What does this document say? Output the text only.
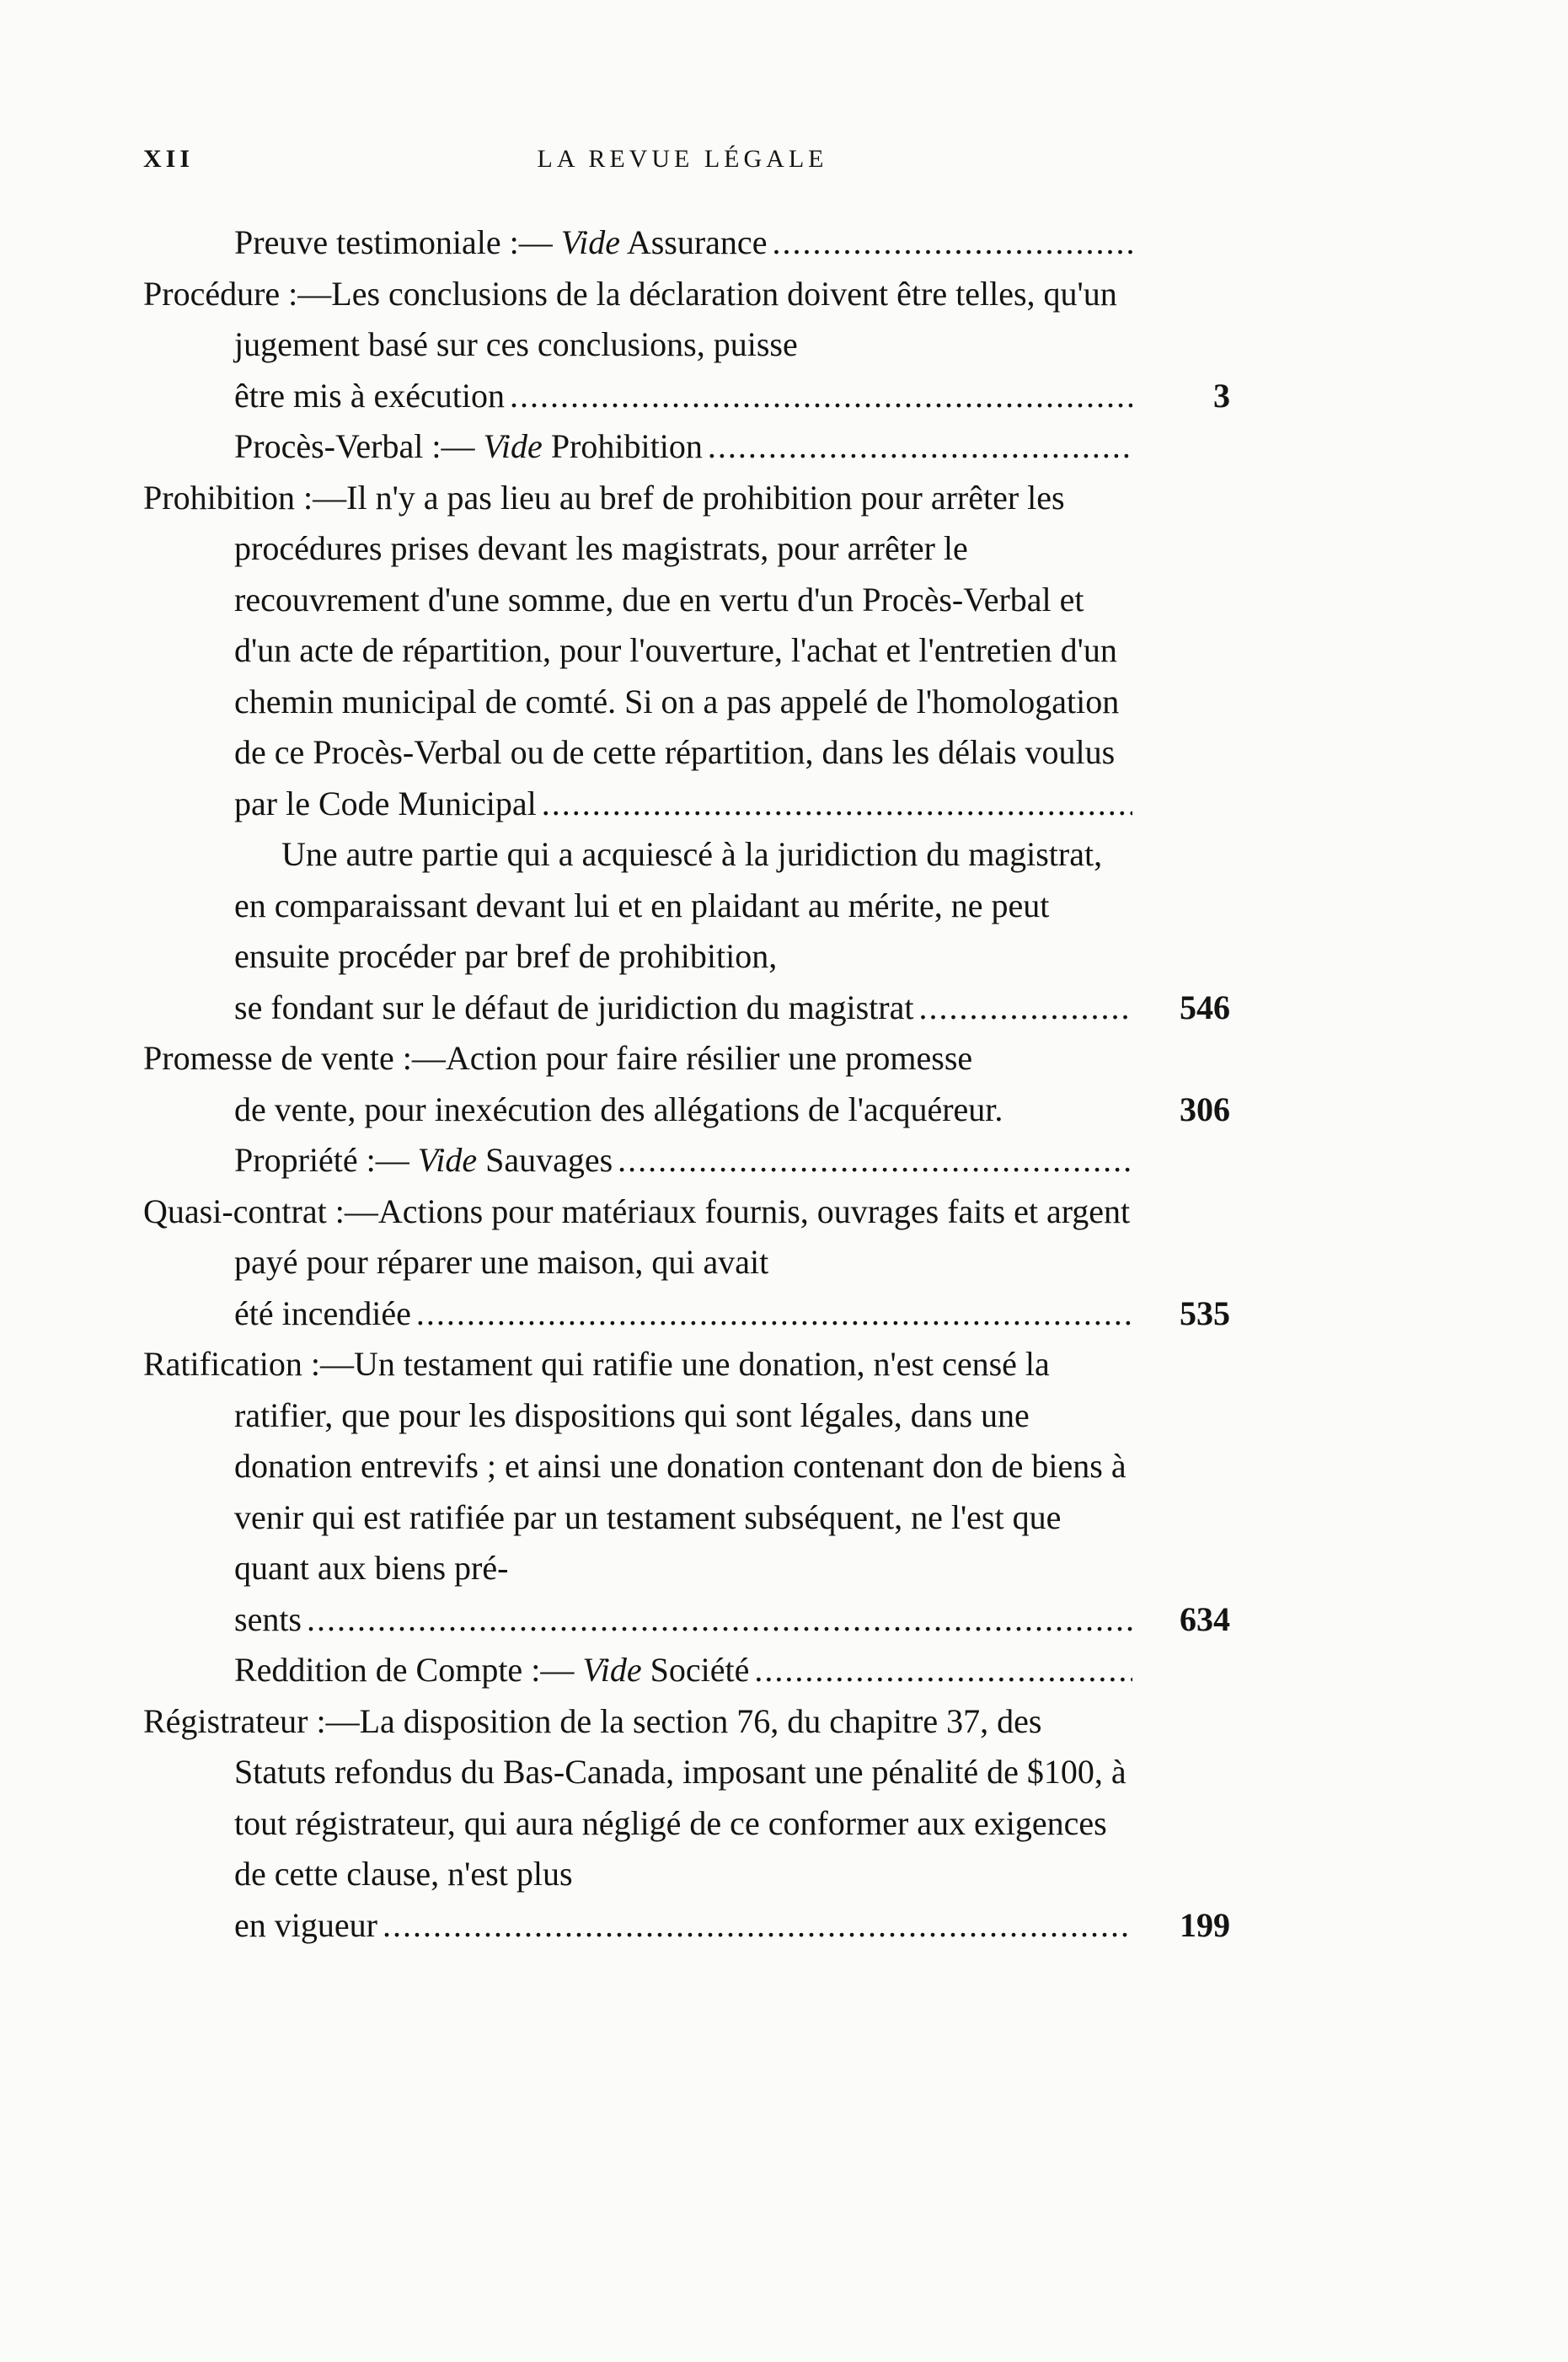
XII	LA REVUE LÉGALE
Preuve testimoniale :— Vide Assurance
. . .
Procédure :—Les conclusions de la déclaration doivent être telles, qu'un jugement basé sur ces conclusions, puisse
être mis à exécution . . .	3
Procès-Verbal :— Vide Prohibition
. . .
Prohibition :—Il n'y a pas lieu au bref de prohibition pour arrêter les procédures prises devant les magistrats, pour arrêter le recouvrement d'une somme, due en vertu d'un Procès-Verbal et d'un acte de répartition, pour l'ouverture, l'achat et l'entretien d'un chemin municipal de comté. Si on a pas appelé de l'homologation de ce Procès-Verbal ou de cette répartition, dans les délais voulus
par le Code Municipal
. . .
Une autre partie qui a acquiescé à la juridiction du magistrat, en comparaissant devant lui et en plaidant au mérite, ne peut ensuite procéder par bref de prohibition,
se fondant sur le défaut de juridiction du magistrat . . .	546
Promesse de vente :—Action pour faire résilier une promesse
de vente, pour inexécution des allégations de l'acquéreur.	306
Propriété :— Vide Sauvages
. . .
Quasi-contrat :—Actions pour matériaux fournis, ouvrages faits et argent payé pour réparer une maison, qui avait
été incendiée . . .	535
Ratification :—Un testament qui ratifie une donation, n'est censé la ratifier, que pour les dispositions qui sont légales, dans une donation entrevifs ; et ainsi une donation contenant don de biens à venir qui est ratifiée par un testament subséquent, ne l'est que quant aux biens pré-
sents . . .	634
Reddition de Compte :— Vide Société
. . .
Régistrateur :—La disposition de la section 76, du chapitre 37, des Statuts refondus du Bas-Canada, imposant une pénalité de $100, à tout régistrateur, qui aura négligé de ce conformer aux exigences de cette clause, n'est plus
en vigueur . . .	199
